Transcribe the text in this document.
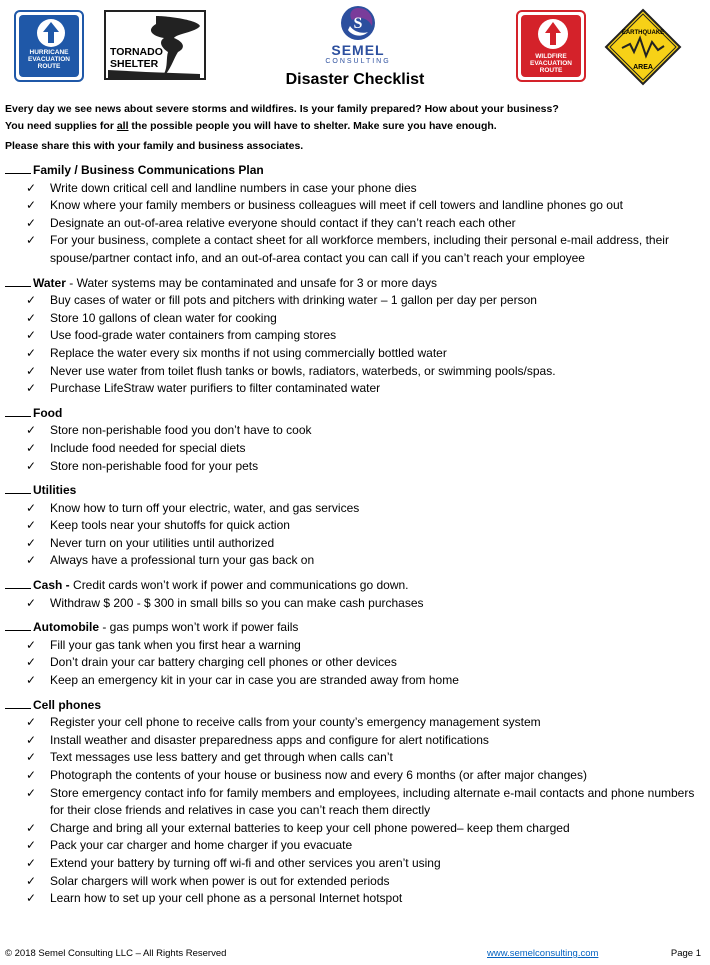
HURRICANE EVACUATION ROUTE
TORNADO
SHELTER
S
SEMEL
CONSULTING
WILDFIRE EVACUATION ROUTE
EARTHQUAKE
AREA
Disaster Checklist

Every day we see news about severe storms and wildfires. Is your family prepared? How about your business?

You need supplies for all the possible people you will have to shelter. Make sure you have enough.

Please share this with your family and business associates.

Family / Business Communications Plan
✓ Write down critical cell and landline numbers in case your phone dies
✓ Know where your family members or business colleagues will meet if cell towers and landline phones go out
✓ Designate an out-of-area relative everyone should contact if they can’t reach each other
✓ For your business, complete a contact sheet for all workforce members, including their personal e-mail address, their spouse/partner contact info, and an out-of-area contact you can call if you can’t reach your employee
Water - Water systems may be contaminated and unsafe for 3 or more days
✓ Buy cases of water or fill pots and pitchers with drinking water – 1 gallon per day per person
✓ Store 10 gallons of clean water for cooking
✓ Use food-grade water containers from camping stores
✓ Replace the water every six months if not using commercially bottled water
✓ Never use water from toilet flush tanks or bowls, radiators, waterbeds, or swimming pools/spas.
✓ Purchase LifeStraw water purifiers to filter contaminated water
Food
✓ Store non-perishable food you don’t have to cook
✓ Include food needed for special diets
✓ Store non-perishable food for your pets
Utilities
✓ Know how to turn off your electric, water, and gas services
✓ Keep tools near your shutoffs for quick action
✓ Never turn on your utilities until authorized
✓ Always have a professional turn your gas back on
Cash - Credit cards won’t work if power and communications go down.
✓ Withdraw $ 200 - $ 300 in small bills so you can make cash purchases
Automobile - gas pumps won’t work if power fails
✓ Fill your gas tank when you first hear a warning
✓ Don’t drain your car battery charging cell phones or other devices
✓ Keep an emergency kit in your car in case you are stranded away from home
Cell phones
✓ Register your cell phone to receive calls from your county’s emergency management system
✓ Install weather and disaster preparedness apps and configure for alert notifications
✓ Text messages use less battery and get through when calls can’t
✓ Photograph the contents of your house or business now and every 6 months (or after major changes)
✓ Store emergency contact info for family members and employees, including alternate e-mail contacts and phone numbers for their close friends and relatives in case you can’t reach them directly
✓ Charge and bring all your external batteries to keep your cell phone powered– keep them charged
✓ Pack your car charger and home charger if you evacuate
✓ Extend your battery by turning off wi-fi and other services you aren’t using
✓ Solar chargers will work when power is out for extended periods
✓ Learn how to set up your cell phone as a personal Internet hotspot
© 2018 Semel Consulting LLC – All Rights Reserved	www.semelconsulting.com	Page 1
